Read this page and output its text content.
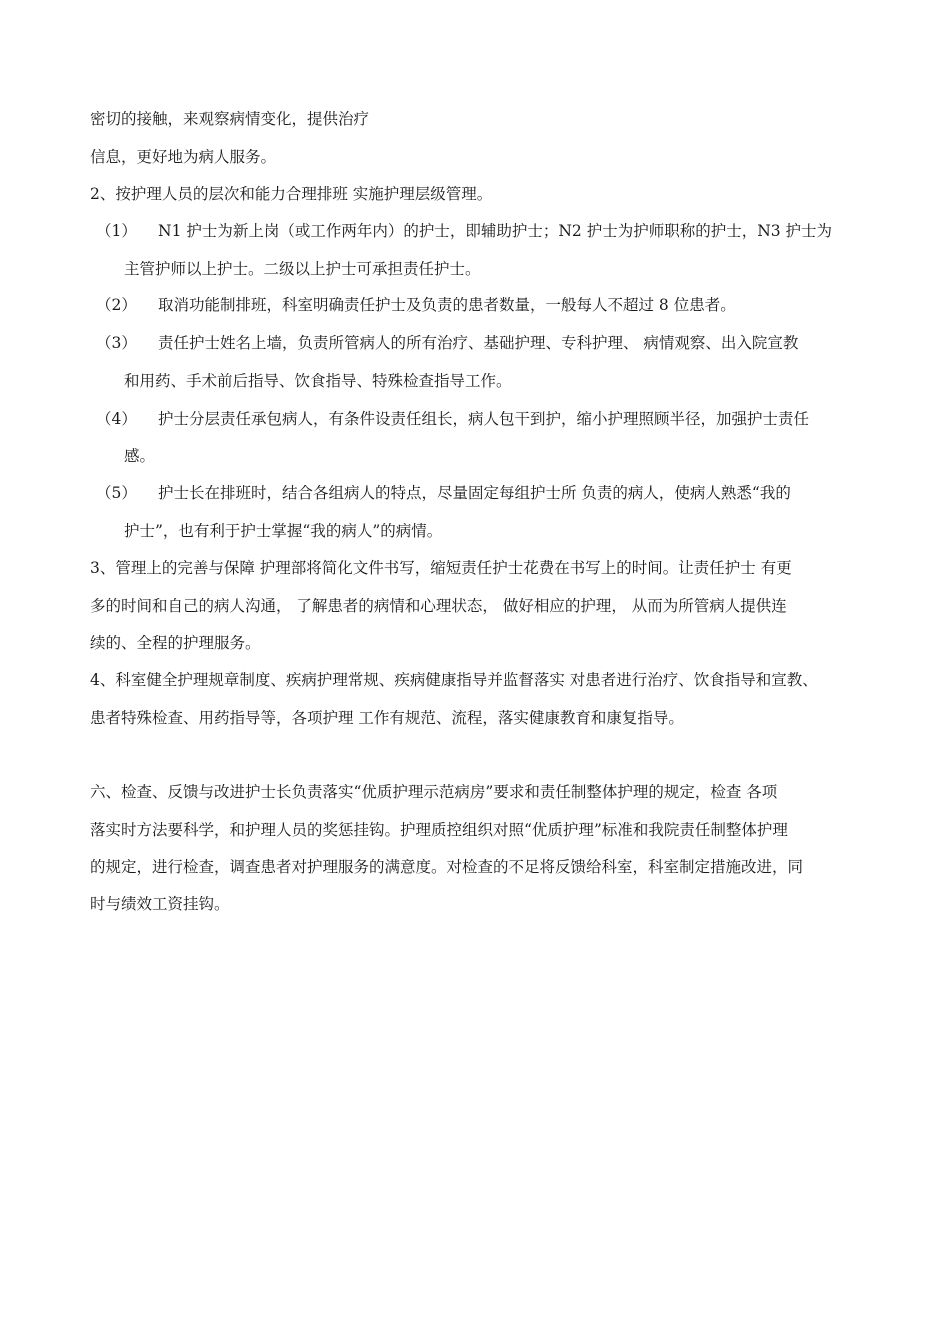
密切的接触，来观察病情变化，提供治疗
信息，更好地为病人服务。
2、按护理人员的层次和能力合理排班 实施护理层级管理。
（1）	N1 护士为新上岗（或工作两年内）的护士，即辅助护士；N2 护士为护师职称的护士，N3 护士为
主管护师以上护士。二级以上护士可承担责任护士。
（2）	取消功能制排班，科室明确责任护士及负责的患者数量，一般每人不超过 8 位患者。
（3）	责任护士姓名上墙，负责所管病人的所有治疗、基础护理、专科护理、 病情观察、出入院宣教
和用药、手术前后指导、饮食指导、特殊检查指导工作。
（4）	护士分层责任承包病人，有条件设责任组长，病人包干到护，缩小护理照顾半径，加强护士责任
感。
（5）	护士长在排班时，结合各组病人的特点，尽量固定每组护士所 负责的病人，使病人熟悉“我的
护士”，也有利于护士掌握“我的病人”的病情。
3、管理上的完善与保障 护理部将简化文件书写，缩短责任护士花费在书写上的时间。让责任护士 有更
多的时间和自己的病人沟通， 了解患者的病情和心理状态， 做好相应的护理， 从而为所管病人提供连
续的、全程的护理服务。
4、科室健全护理规章制度、疾病护理常规、疾病健康指导并监督落实 对患者进行治疗、饮食指导和宣教、
患者特殊检查、用药指导等，各项护理 工作有规范、流程，落实健康教育和康复指导。
六、检查、反馈与改进护士长负责落实“优质护理示范病房”要求和责任制整体护理的规定，检查 各项
落实时方法要科学，和护理人员的奖惩挂钩。护理质控组织对照“优质护理”标准和我院责任制整体护理
的规定，进行检查，调查患者对护理服务的满意度。对检查的不足将反馈给科室，科室制定措施改进，同
时与绩效工资挂钩。
